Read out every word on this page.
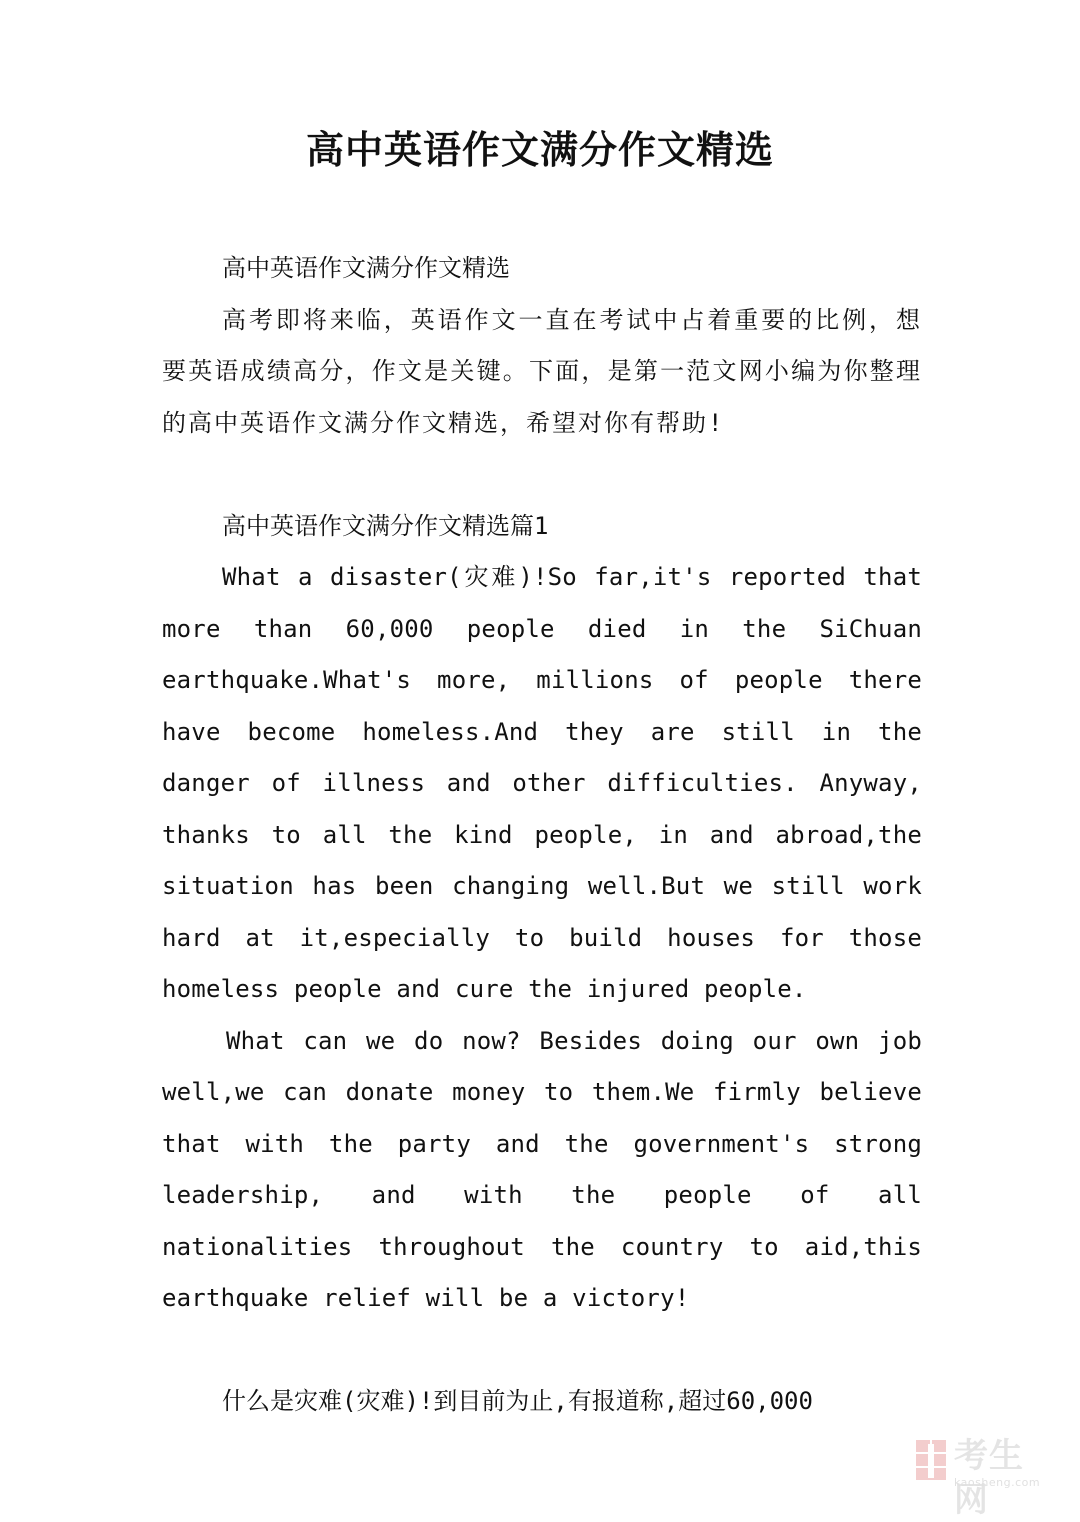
高中英语作文满分作文精选

高中英语作文满分作文精选

高考即将来临，英语作文一直在考试中占着重要的比例，想要英语成绩高分，作文是关键。下面，是第一范文网小编为你整理的高中英语作文满分作文精选，希望对你有帮助!

高中英语作文满分作文精选篇1

What a disaster(灾难)!So far,it's reported that more than 60,000 people died in the SiChuan earthquake.What's more, millions of people there have become homeless.And they are still in the danger of illness and other difficulties. Anyway, thanks to all the kind people, in and abroad,the situation has been changing well.But we still work hard at it,especially to build houses for those homeless people and cure the injured people.

What can we do now? Besides doing our own job well,we can donate money to them.We firmly believe that with the party and the government's strong leadership, and with the people of all nationalities throughout the country to aid,this earthquake relief will be a victory!

什么是灾难(灾难)!到目前为止,有报道称,超过60,000

考生网
kaosheng.com
